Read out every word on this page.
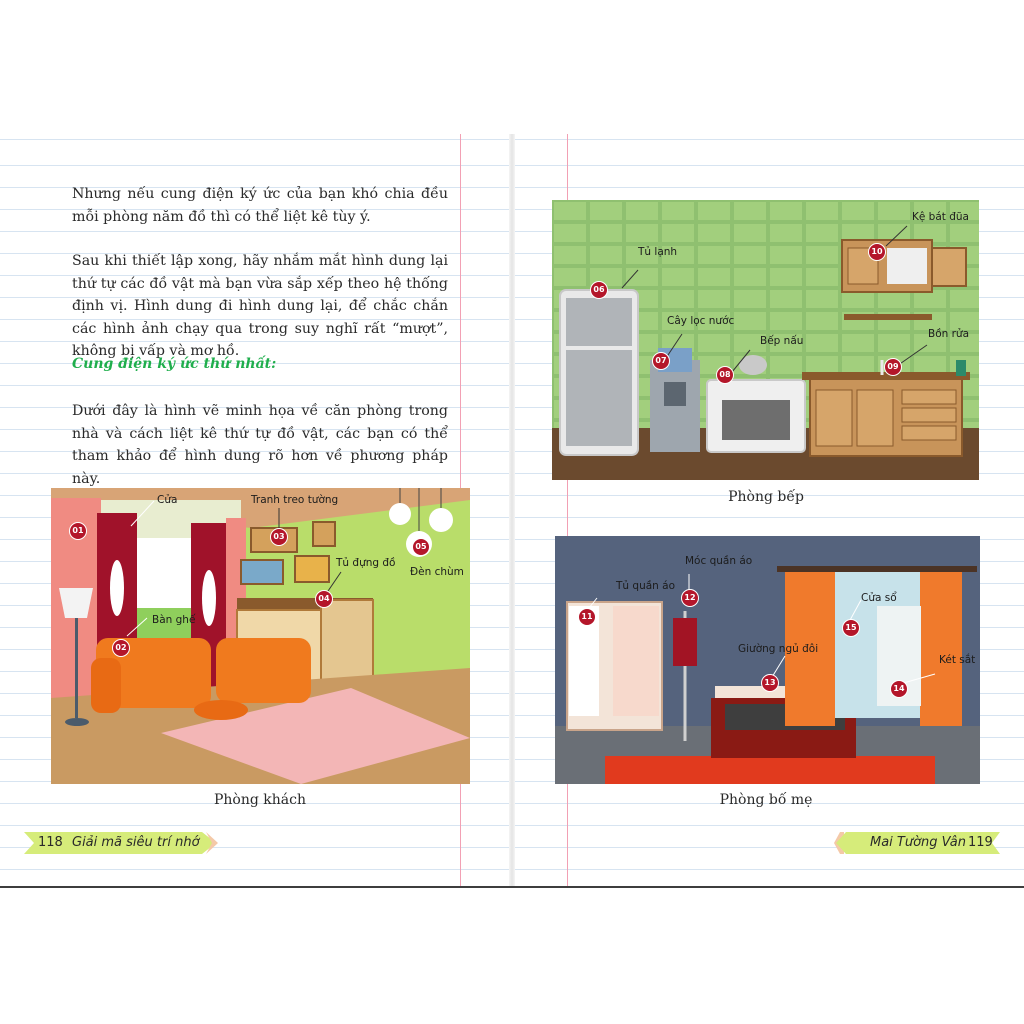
Nhưng nếu cung điện ký ức của bạn khó chia đều mỗi phòng năm đồ thì có thể liệt kê tùy ý.

Sau khi thiết lập xong, hãy nhắm mắt hình dung lại thứ tự các đồ vật mà bạn vừa sắp xếp theo hệ thống định vị. Hình dung đi hình dung lại, để chắc chắn các hình ảnh chạy qua trong suy nghĩ rất “mượt”, không bị vấp và mơ hồ.

Cung điện ký ức thứ nhất:

Dưới đây là hình vẽ minh họa về căn phòng trong nhà và cách liệt kê thứ tự đồ vật, các bạn có thể tham khảo để hình dung rõ hơn về phương pháp này.

01
Cửa
02
Bàn ghế
03
Tranh treo tường
04
Tủ đựng đồ
05
Đèn chùm
Phòng khách
06
Tủ lạnh
07
Cây lọc nước
08
Bếp nấu
09
Bồn rửa
10
Kệ bát đũa
Phòng bếp
11
Tủ quần áo
12
Móc quần áo
13
Giường ngủ đôi
14
Két sắt
15
Cửa sổ
Phòng bố mẹ
118 Giải mã siêu trí nhớ	Mai Tường Vân 119
